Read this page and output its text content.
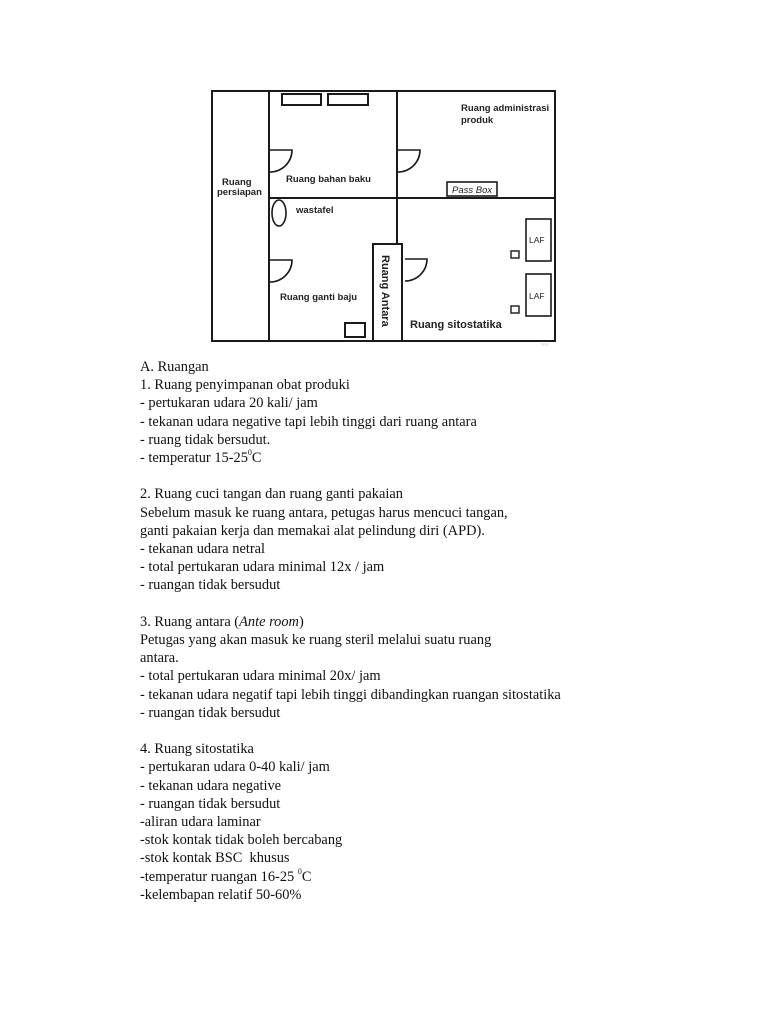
Pass Box
LAF
LAF
Ruang
persiapan
Ruang bahan baku
Ruang administrasi
produk
wastafel
Ruang ganti baju Ruang Antara Ruang sitostatika
ᵘᵒᵃ⁾
A. Ruangan
1. Ruang penyimpanan obat produki
- pertukaran udara 20 kali/ jam
- tekanan udara negative tapi lebih tinggi dari ruang antara
- ruang tidak bersudut.
- temperatur $15-25^0C$
2. Ruang cuci tangan dan ruang ganti pakaian
Sebelum masuk ke ruang antara, petugas harus mencuci tangan,
ganti pakaian kerja dan memakai alat pelindung diri (APD).
- tekanan udara netral
- total pertukaran udara minimal 12x / jam
- ruangan tidak bersudut
3. Ruang antara (Ante room)
Petugas yang akan masuk ke ruang steril melalui suatu ruang
antara.
- total pertukaran udara minimal 20x/ jam
- tekanan udara negatif tapi lebih tinggi dibandingkan ruangan sitostatika
- ruangan tidak bersudut
4. Ruang sitostatika
- pertukaran udara 0-40 kali/ jam
- tekanan udara negative
- ruangan tidak bersudut
-aliran udara laminar
-stok kontak tidak boleh bercabang
-stok kontak BSC  khusus
-temperatur ruangan 16-25 $^0$C
-kelembapan relatif 50-60%
